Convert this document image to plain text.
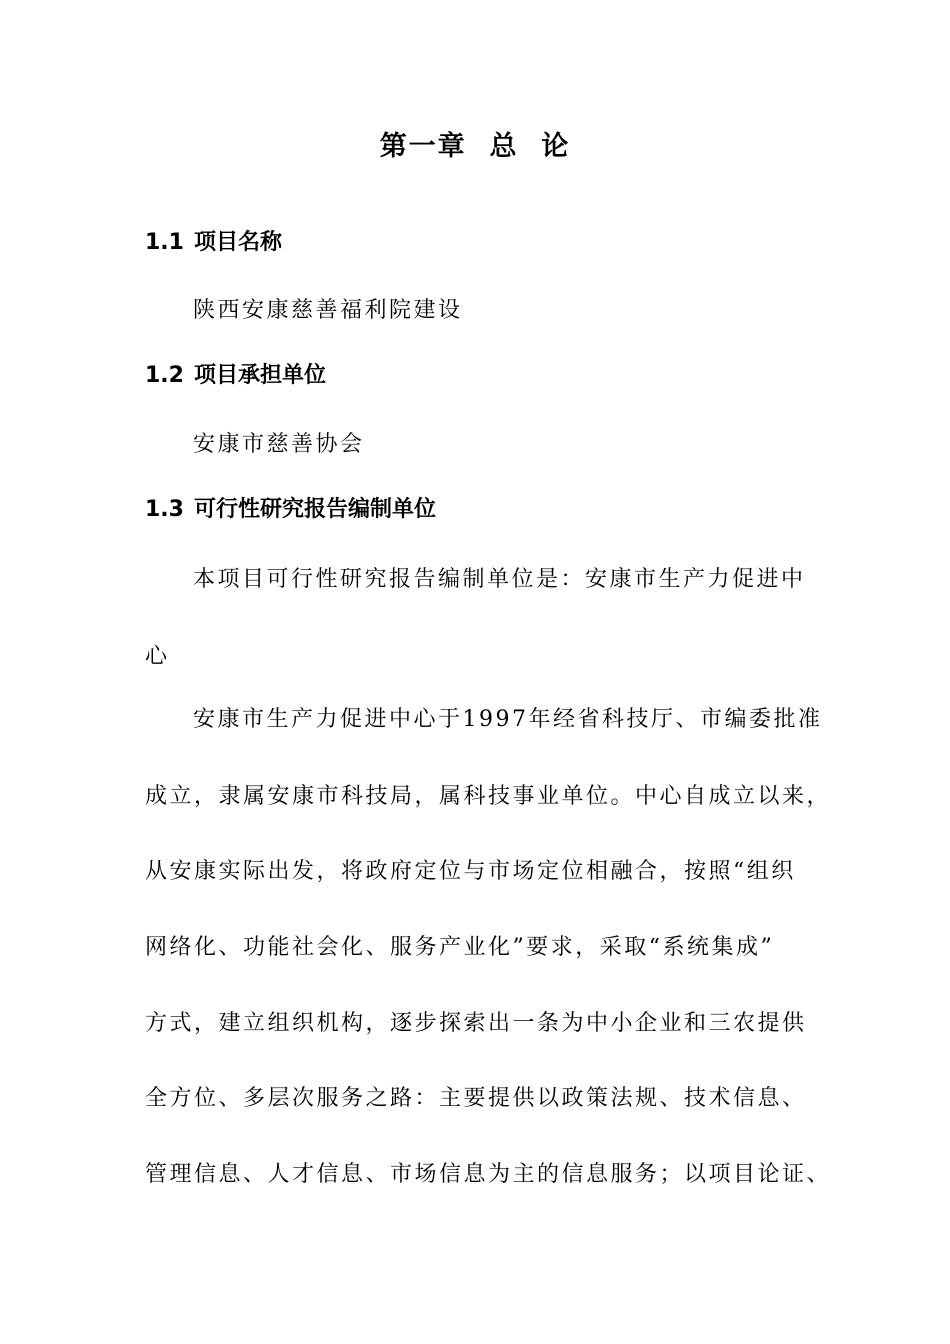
第一章  总  论
1.1 项目名称
陕西安康慈善福利院建设
1.2 项目承担单位
安康市慈善协会
1.3 可行性研究报告编制单位
本项目可行性研究报告编制单位是：安康市生产力促进中
心
安康市生产力促进中心于1997年经省科技厅、市编委批准
成立，隶属安康市科技局，属科技事业单位。中心自成立以来，
从安康实际出发，将政府定位与市场定位相融合，按照“组织
网络化、功能社会化、服务产业化”要求，采取“系统集成”
方式，建立组织机构，逐步探索出一条为中小企业和三农提供
全方位、多层次服务之路：主要提供以政策法规、技术信息、
管理信息、人才信息、市场信息为主的信息服务；以项目论证、
